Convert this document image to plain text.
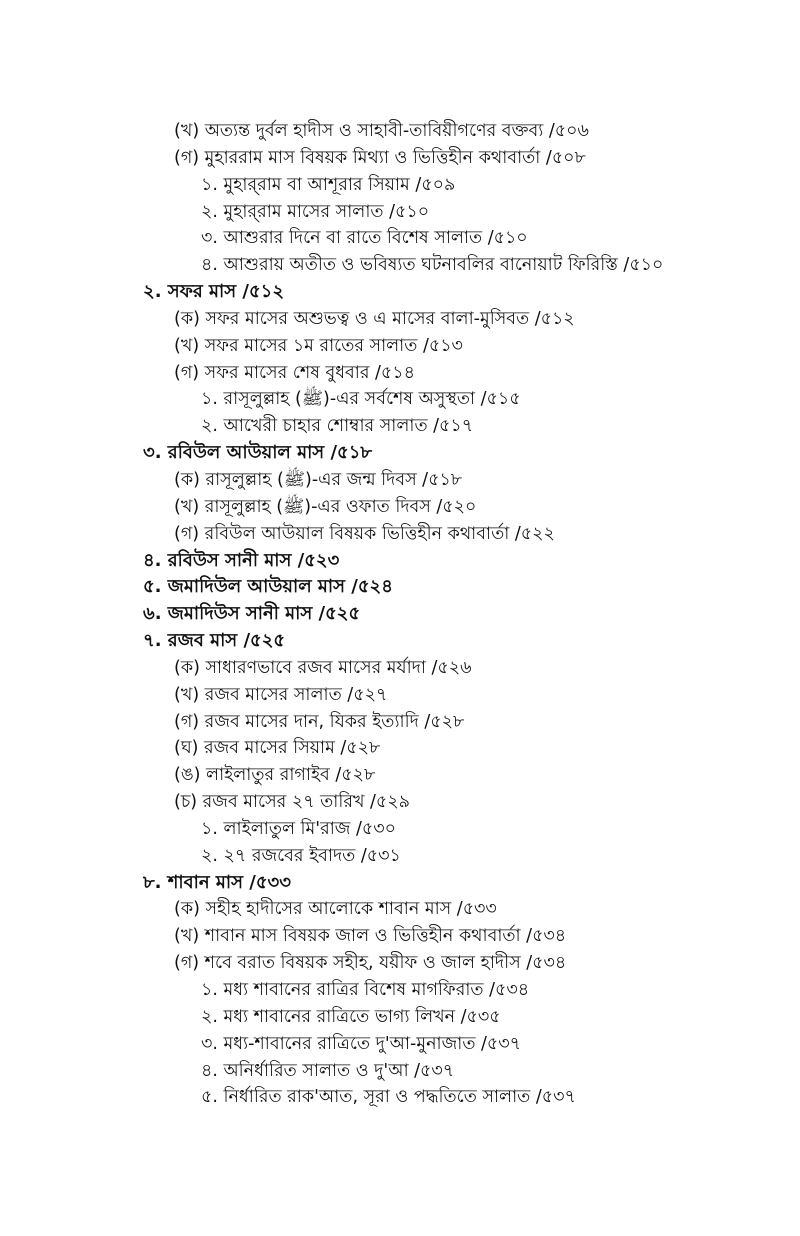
(খ) অত্যন্ত দুর্বল হাদীস ও সাহাবী-তাবিয়ীগণের বক্তব্য /৫০৬
(গ) মুহাররাম মাস বিষয়ক মিথ্যা ও ভিত্তিহীন কথাবার্তা /৫০৮
১. মুহার্‌রাম বা আশূরার সিয়াম /৫০৯
২. মুহার্‌রাম মাসের সালাত /৫১০
৩. আশুরার দিনে বা রাতে বিশেষ সালাত /৫১০
৪. আশুরায় অতীত ও ভবিষ্যত ঘটনাবলির বানোয়াট ফিরিস্তি /৫১০
২. সফর মাস /৫১২
(ক) সফর মাসের অশুভত্ব ও এ মাসের বালা-মুসিবত /৫১২
(খ) সফর মাসের ১ম রাতের সালাত /৫১৩
(গ) সফর মাসের শেষ বুধবার /৫১৪
১. রাসূলুল্লাহ (ﷺ)-এর সর্বশেষ অসুস্থতা /৫১৫
২. আখেরী চাহার শোম্বার সালাত /৫১৭
৩. রবিউল আউয়াল মাস /৫১৮
(ক) রাসূলুল্লাহ (ﷺ)-এর জন্ম দিবস /৫১৮
(খ) রাসূলুল্লাহ (ﷺ)-এর ওফাত দিবস /৫২০
(গ) রবিউল আউয়াল বিষয়ক ভিত্তিহীন কথাবার্তা /৫২২
৪. রবিউস সানী মাস /৫২৩
৫. জমাদিউল আউয়াল মাস /৫২৪
৬. জমাদিউস সানী মাস /৫২৫
৭. রজব মাস /৫২৫
(ক) সাধারণভাবে রজব মাসের মর্যাদা /৫২৬
(খ) রজব মাসের সালাত /৫২৭
(গ) রজব মাসের দান, যিকর ইত্যাদি /৫২৮
(ঘ) রজব মাসের সিয়াম /৫২৮
(ঙ) লাইলাতুর রাগাইব /৫২৮
(চ) রজব মাসের ২৭ তারিখ /৫২৯
১. লাইলাতুল মি'রাজ /৫৩০
২. ২৭ রজবের ইবাদত /৫৩১
৮. শাবান মাস /৫৩৩
(ক) সহীহ হাদীসের আলোকে শাবান মাস /৫৩৩
(খ) শাবান মাস বিষয়ক জাল ও ভিত্তিহীন কথাবার্তা /৫৩৪
(গ) শবে বরাত বিষয়ক সহীহ, যয়ীফ ও জাল হাদীস /৫৩৪
১. মধ্য শাবানের রাত্রির বিশেষ মাগফিরাত /৫৩৪
২. মধ্য শাবানের রাত্রিতে ভাগ্য লিখন /৫৩৫
৩. মধ্য-শাবানের রাত্রিতে দু'আ-মুনাজাত /৫৩৭
৪. অনির্ধারিত সালাত ও দু'আ /৫৩৭
৫. নির্ধারিত রাক'আত, সূরা ও পদ্ধতিতে সালাত /৫৩৭
